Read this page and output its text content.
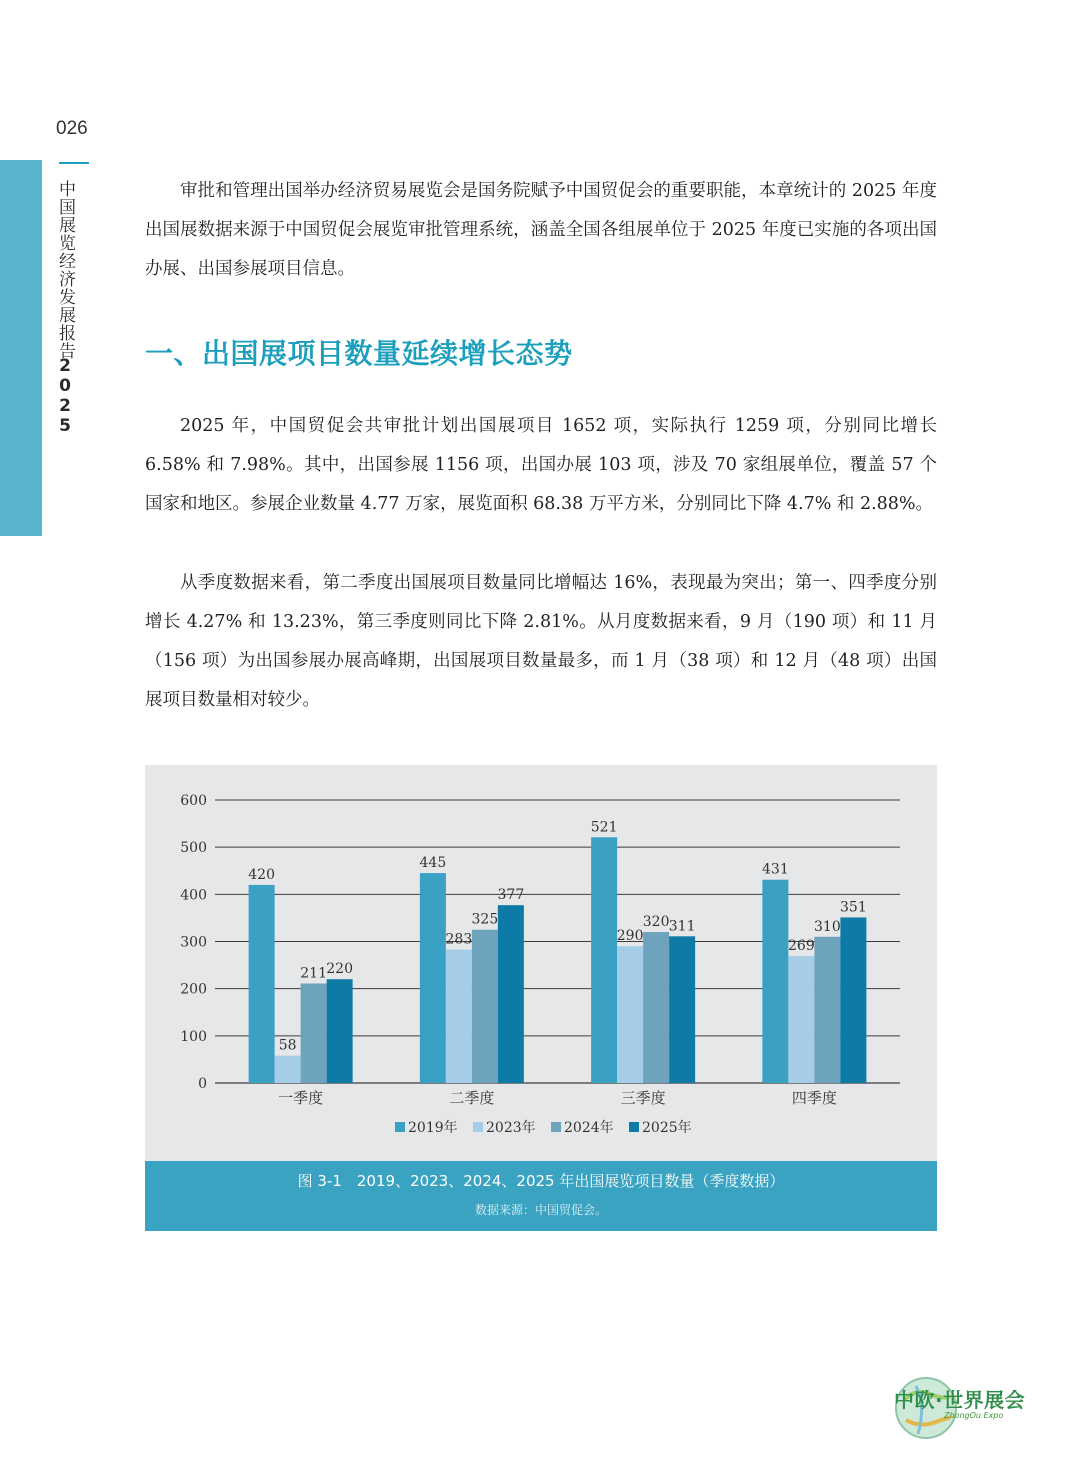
026
中国展览经济发展报告
2025

审批和管理出国举办经济贸易展览会是国务院赋予中国贸促会的重要职能，本章统计的 2025 年度出国展数据来源于中国贸促会展览审批管理系统，涵盖全国各组展单位于 2025 年度已实施的各项出国办展、出国参展项目信息。

一、出国展项目数量延续增长态势

2025 年，中国贸促会共审批计划出国展项目 1652 项，实际执行 1259 项，分别同比增长 6.58% 和 7.98%。其中，出国参展 1156 项，出国办展 103 项，涉及 70 家组展单位，覆盖 57 个国家和地区。参展企业数量 4.77 万家，展览面积 68.38 万平方米，分别同比下降 4.7% 和 2.88%。

从季度数据来看，第二季度出国展项目数量同比增幅达 16%，表现最为突出；第一、四季度分别增长 4.27% 和 13.23%，第三季度则同比下降 2.81%。从月度数据来看，9 月（190 项）和 11 月（156 项）为出国参展办展高峰期，出国展项目数量最多，而 1 月（38 项）和 12 月（48 项）出国展项目数量相对较少。

0
100
200
300
400
500
600
420
58
211 220
一季度
445
283
325
377
二季度
521
290
320 311
三季度
431
269
310
351
四季度
2019年 2023年 2024年 2025年
图 3-1　2019、2023、2024、2025 年出国展览项目数量（季度数据）
数据来源：中国贸促会。
中欧·世界展会
ZhongOu Expo
